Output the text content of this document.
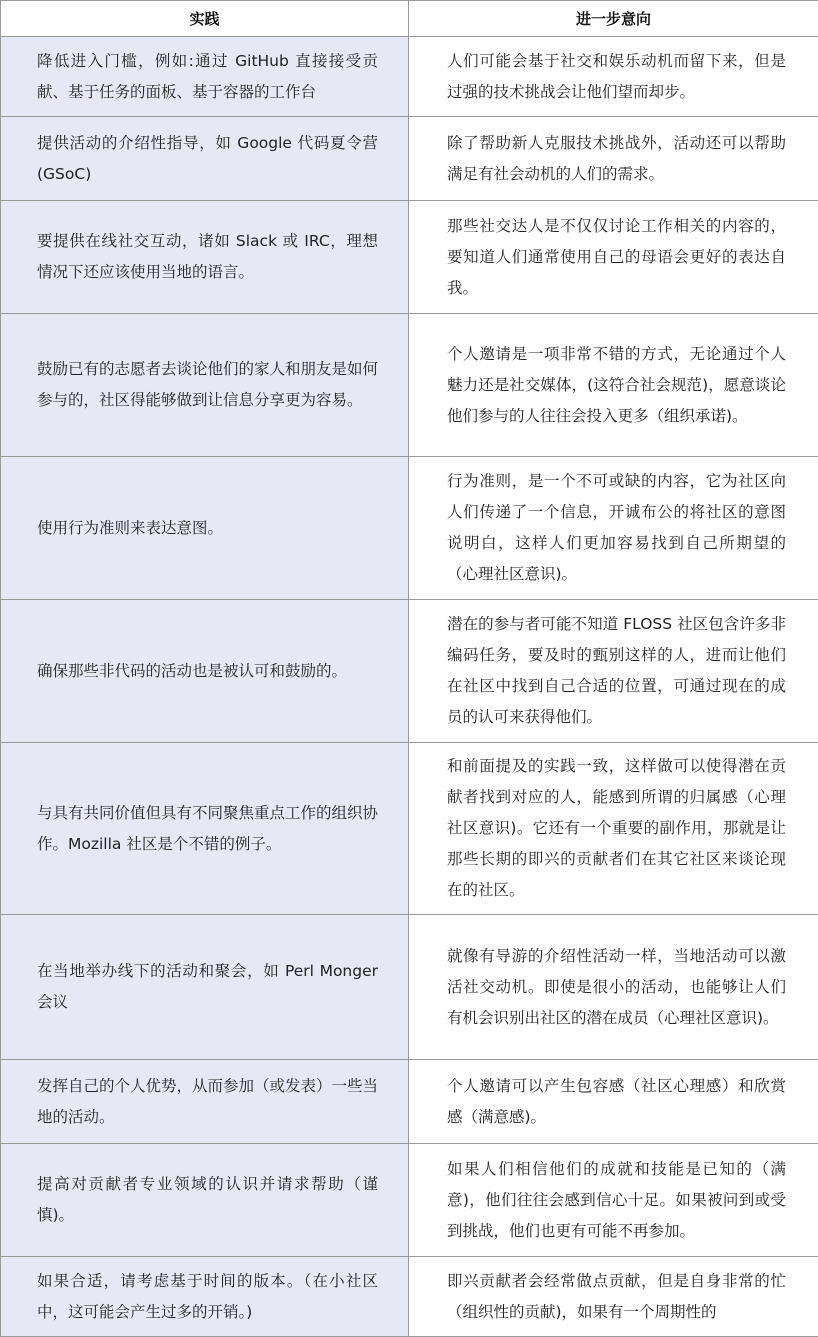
实践	进一步意向
降低进入门槛，例如:通过 GitHub 直接接受贡献、基于任务的面板、基于容器的工作台	人们可能会基于社交和娱乐动机而留下来，但是过强的技术挑战会让他们望而却步。
提供活动的介绍性指导，如 Google 代码夏令营(GSoC)	除了帮助新人克服技术挑战外，活动还可以帮助满足有社会动机的人们的需求。
要提供在线社交互动，诸如 Slack 或 IRC，理想情况下还应该使用当地的语言。	那些社交达人是不仅仅讨论工作相关的内容的，要知道人们通常使用自己的母语会更好的表达自我。
鼓励已有的志愿者去谈论他们的家人和朋友是如何参与的，社区得能够做到让信息分享更为容易。	个人邀请是一项非常不错的方式，无论通过个人魅力还是社交媒体，(这符合社会规范)，愿意谈论他们参与的人往往会投入更多（组织承诺)。
使用行为准则来表达意图。	行为准则，是一个不可或缺的内容，它为社区向人们传递了一个信息，开诚布公的将社区的意图说明白，这样人们更加容易找到自己所期望的（心理社区意识)。
确保那些非代码的活动也是被认可和鼓励的。	潜在的参与者可能不知道 FLOSS 社区包含许多非编码任务，要及时的甄别这样的人，进而让他们在社区中找到自己合适的位置，可通过现在的成员的认可来获得他们。
与具有共同价值但具有不同聚焦重点工作的组织协作。Mozilla 社区是个不错的例子。	和前面提及的实践一致，这样做可以使得潜在贡献者找到对应的人，能感到所谓的归属感（心理社区意识)。它还有一个重要的副作用，那就是让那些长期的即兴的贡献者们在其它社区来谈论现在的社区。
在当地举办线下的活动和聚会，如 Perl Monger 会议	就像有导游的介绍性活动一样，当地活动可以激活社交动机。即使是很小的活动，也能够让人们有机会识别出社区的潜在成员（心理社区意识)。
发挥自己的个人优势，从而参加（或发表）一些当地的活动。	个人邀请可以产生包容感（社区心理感）和欣赏感（满意感)。
提高对贡献者专业领域的认识并请求帮助（谨慎)。	如果人们相信他们的成就和技能是已知的（满意)，他们往往会感到信心十足。如果被问到或受到挑战，他们也更有可能不再参加。
如果合适，请考虑基于时间的版本。（在小社区中，这可能会产生过多的开销。)	即兴贡献者会经常做点贡献，但是自身非常的忙（组织性的贡献)，如果有一个周期性的
